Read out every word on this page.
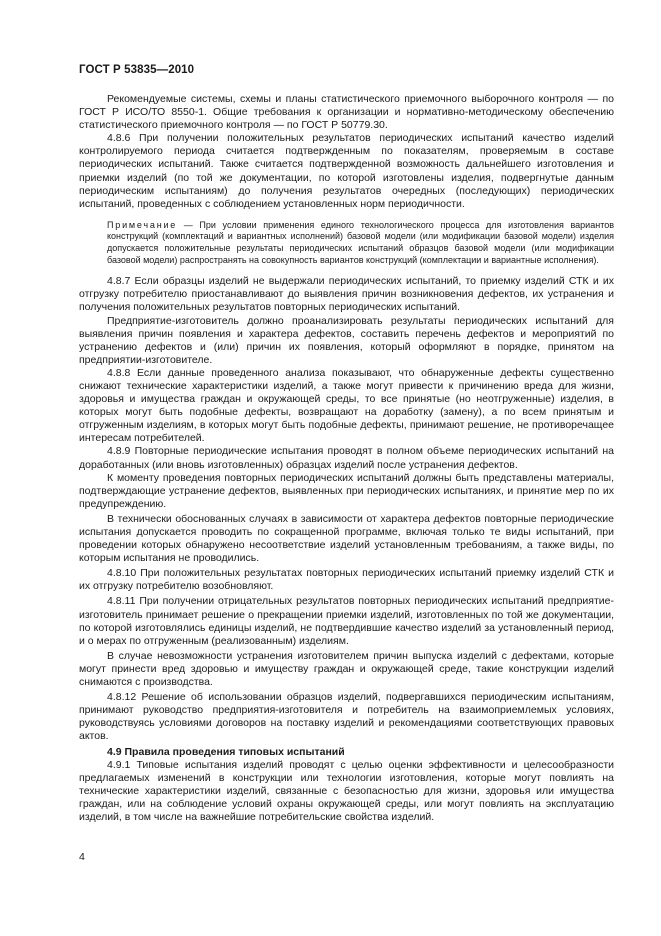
ГОСТ Р 53835—2010

Рекомендуемые системы, схемы и планы статистического приемочного выборочного контроля — по ГОСТ Р ИСО/ТО 8550-1. Общие требования к организации и нормативно-методическому обеспечению статистического приемочного контроля — по ГОСТ Р 50779.30.

4.8.6 При получении положительных результатов периодических испытаний качество изделий контролируемого периода считается подтвержденным по показателям, проверяемым в составе периодических испытаний. Также считается подтвержденной возможность дальнейшего изготовления и приемки изделий (по той же документации, по которой изготовлены изделия, подвергнутые данным периодическим испытаниям) до получения результатов очередных (последующих) периодических испытаний, проведенных с соблюдением установленных норм периодичности.

Примечание — При условии применения единого технологического процесса для изготовления вариантов конструкций (комплектаций и вариантных исполнений) базовой модели (или модификации базовой модели) изделия допускается положительные результаты периодических испытаний образцов базовой модели (или модификации базовой модели) распространять на совокупность вариантов конструкций (комплектации и вариантные исполнения).

4.8.7 Если образцы изделий не выдержали периодических испытаний, то приемку изделий СТК и их отгрузку потребителю приостанавливают до выявления причин возникновения дефектов, их устранения и получения положительных результатов повторных периодических испытаний.

Предприятие-изготовитель должно проанализировать результаты периодических испытаний для выявления причин появления и характера дефектов, составить перечень дефектов и мероприятий по устранению дефектов и (или) причин их появления, который оформляют в порядке, принятом на предприятии-изготовителе.

4.8.8 Если данные проведенного анализа показывают, что обнаруженные дефекты существенно снижают технические характеристики изделий, а также могут привести к причинению вреда для жизни, здоровья и имущества граждан и окружающей среды, то все принятые (но неотгруженные) изделия, в которых могут быть подобные дефекты, возвращают на доработку (замену), а по всем принятым и отгруженным изделиям, в которых могут быть подобные дефекты, принимают решение, не противоречащее интересам потребителей.

4.8.9 Повторные периодические испытания проводят в полном объеме периодических испытаний на доработанных (или вновь изготовленных) образцах изделий после устранения дефектов.

К моменту проведения повторных периодических испытаний должны быть представлены материалы, подтверждающие устранение дефектов, выявленных при периодических испытаниях, и принятие мер по их предупреждению.

В технически обоснованных случаях в зависимости от характера дефектов повторные периодические испытания допускается проводить по сокращенной программе, включая только те виды испытаний, при проведении которых обнаружено несоответствие изделий установленным требованиям, а также виды, по которым испытания не проводились.

4.8.10 При положительных результатах повторных периодических испытаний приемку изделий СТК и их отгрузку потребителю возобновляют.

4.8.11 При получении отрицательных результатов повторных периодических испытаний предприятие-изготовитель принимает решение о прекращении приемки изделий, изготовленных по той же документации, по которой изготовлялись единицы изделий, не подтвердившие качество изделий за установленный период, и о мерах по отгруженным (реализованным) изделиям.

В случае невозможности устранения изготовителем причин выпуска изделий с дефектами, которые могут принести вред здоровью и имуществу граждан и окружающей среде, такие конструкции изделий снимаются с производства.

4.8.12 Решение об использовании образцов изделий, подвергавшихся периодическим испытаниям, принимают руководство предприятия-изготовителя и потребитель на взаимоприемлемых условиях, руководствуясь условиями договоров на поставку изделий и рекомендациями соответствующих правовых актов.

4.9 Правила проведения типовых испытаний

4.9.1 Типовые испытания изделий проводят с целью оценки эффективности и целесообразности предлагаемых изменений в конструкции или технологии изготовления, которые могут повлиять на технические характеристики изделий, связанные с безопасностью для жизни, здоровья или имущества граждан, или на соблюдение условий охраны окружающей среды, или могут повлиять на эксплуатацию изделий, в том числе на важнейшие потребительские свойства изделий.

4
